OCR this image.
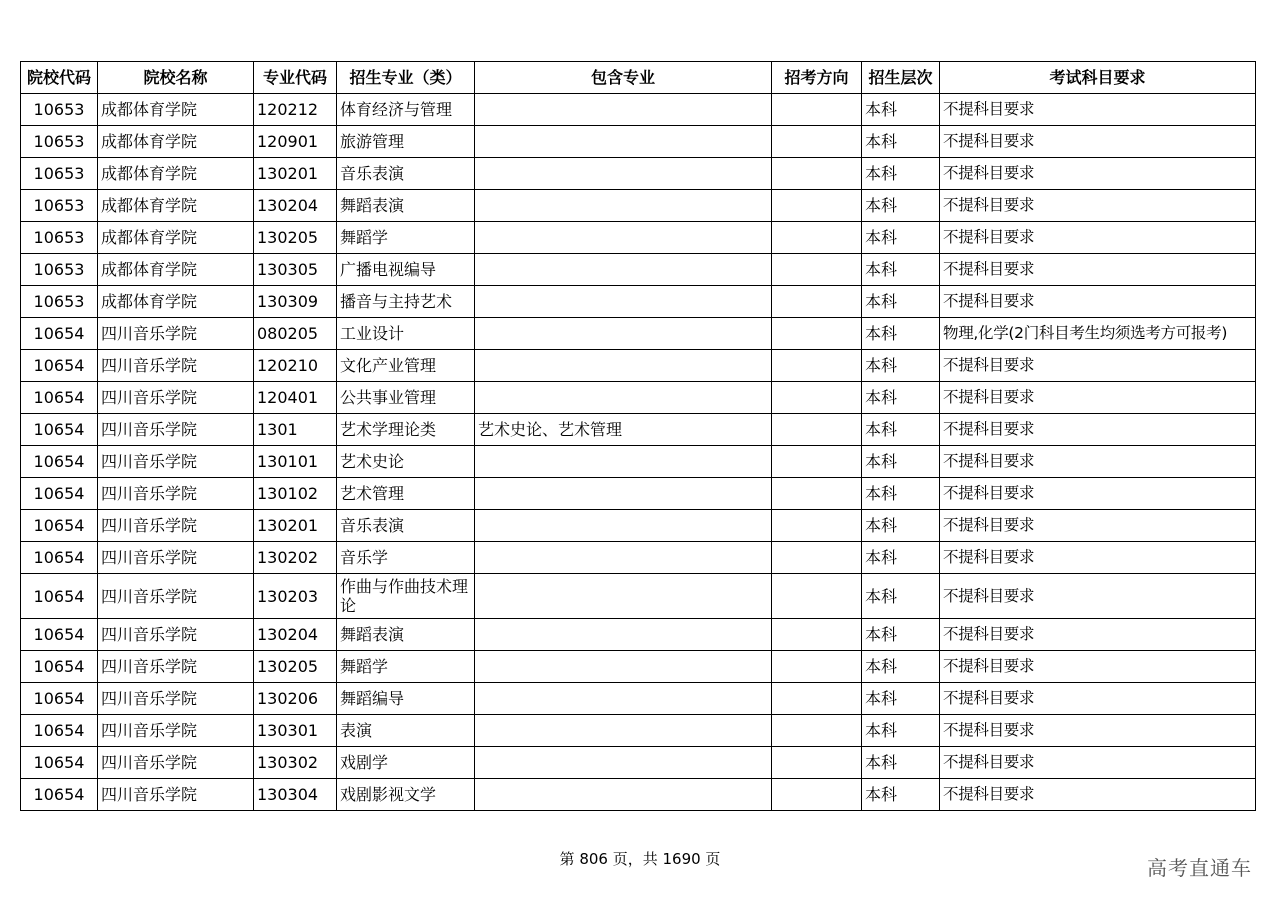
院校代码	院校名称	专业代码	招生专业（类）	包含专业	招考方向	招生层次	考试科目要求
10653	成都体育学院	120212	体育经济与管理			本科	不提科目要求
10653	成都体育学院	120901	旅游管理			本科	不提科目要求
10653	成都体育学院	130201	音乐表演			本科	不提科目要求
10653	成都体育学院	130204	舞蹈表演			本科	不提科目要求
10653	成都体育学院	130205	舞蹈学			本科	不提科目要求
10653	成都体育学院	130305	广播电视编导			本科	不提科目要求
10653	成都体育学院	130309	播音与主持艺术			本科	不提科目要求
10654	四川音乐学院	080205	工业设计			本科	物理,化学(2门科目考生均须选考方可报考)
10654	四川音乐学院	120210	文化产业管理			本科	不提科目要求
10654	四川音乐学院	120401	公共事业管理			本科	不提科目要求
10654	四川音乐学院	1301	艺术学理论类	艺术史论、艺术管理		本科	不提科目要求
10654	四川音乐学院	130101	艺术史论			本科	不提科目要求
10654	四川音乐学院	130102	艺术管理			本科	不提科目要求
10654	四川音乐学院	130201	音乐表演			本科	不提科目要求
10654	四川音乐学院	130202	音乐学			本科	不提科目要求
10654	四川音乐学院	130203	作曲与作曲技术理论			本科	不提科目要求
10654	四川音乐学院	130204	舞蹈表演			本科	不提科目要求
10654	四川音乐学院	130205	舞蹈学			本科	不提科目要求
10654	四川音乐学院	130206	舞蹈编导			本科	不提科目要求
10654	四川音乐学院	130301	表演			本科	不提科目要求
10654	四川音乐学院	130302	戏剧学			本科	不提科目要求
10654	四川音乐学院	130304	戏剧影视文学			本科	不提科目要求
第 806 页，共 1690 页	高考直通车
